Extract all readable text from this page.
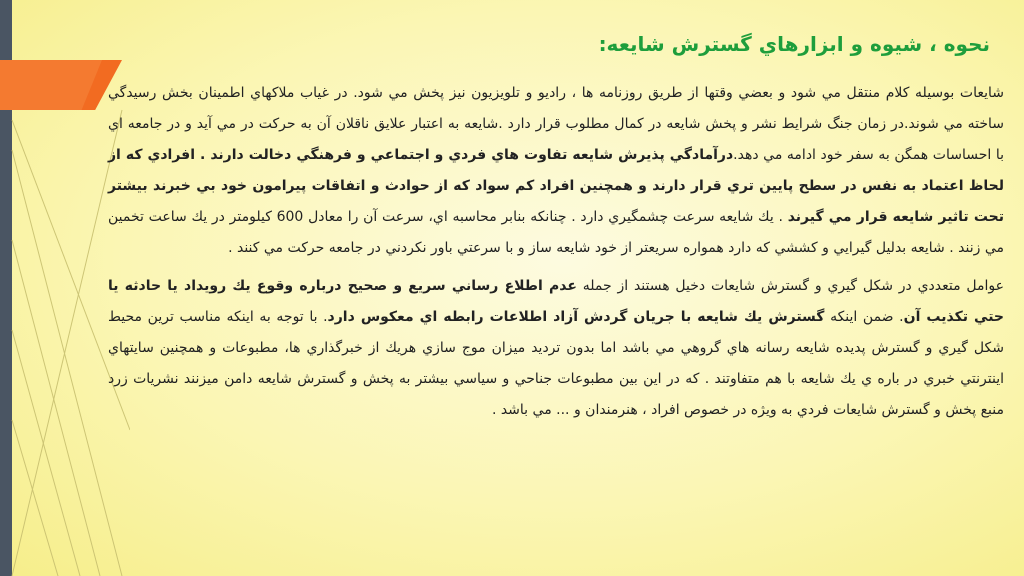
نحوه ، شيوه و ابزارهاي گسترش شايعه:

شايعات بوسيله كلام منتقل مي شود و بعضي وقتها از طريق روزنامه ها ، راديو و تلويزيون نيز پخش مي شود. در غياب ملاكهاي اطمينان بخش رسيدگي ساخته مي شوند.در زمان جنگ شرايط نشر و پخش شايعه در كمال مطلوب قرار دارد .شايعه به اعتبار علايق ناقلان آن به حركت در مي آيد و در جامعه اي با احساسات همگن به سفر خود ادامه مي دهد.درآمادگي پذيرش شايعه تفاوت هاي فردي و اجتماعي و فرهنگي دخالت دارند . افرادي كه از لحاظ اعتماد به نفس در سطح پايين تري قرار دارند و همچنين افراد كم سواد كه از حوادث و اتفاقات پيرامون خود بي خبرند بيشتر تحت تاثير شايعه قرار مي گيرند . يك شايعه سرعت چشمگيري دارد . چنانكه بنابر محاسبه اي، سرعت آن را معادل 600 كيلومتر در يك ساعت تخمين مي زنند . شايعه بدليل گيرايي و كششي كه دارد همواره سريعتر از خود شايعه ساز و با سرعتي باور نكردني در جامعه حركت مي كنند .

عوامل متعددي در شكل گيري و گسترش شايعات دخيل هستند از جمله عدم اطلاع رساني سريع و صحيح درباره وقوع يك رويداد يا حادثه يا حتي تكذيب آن. ضمن اينكه گسترش يك شايعه با جريان گردش آزاد اطلاعات رابطه اي معكوس دارد. با توجه به اينكه مناسب ترين محيط شكل گيري و گسترش پديده شايعه رسانه هاي گروهي مي باشد اما بدون ترديد ميزان موج سازي هريك از خبرگذاري ها، مطبوعات و همچنين سايتهاي اينترنتي خبري در باره ي يك شايعه با هم متفاوتند . كه در اين بين مطبوعات جناحي و سياسي بيشتر به پخش و گسترش شايعه دامن ميزنند نشريات زرد منبع پخش و گسترش شايعات فردي به ويژه در خصوص افراد ، هنرمندان و ... مي باشد .
